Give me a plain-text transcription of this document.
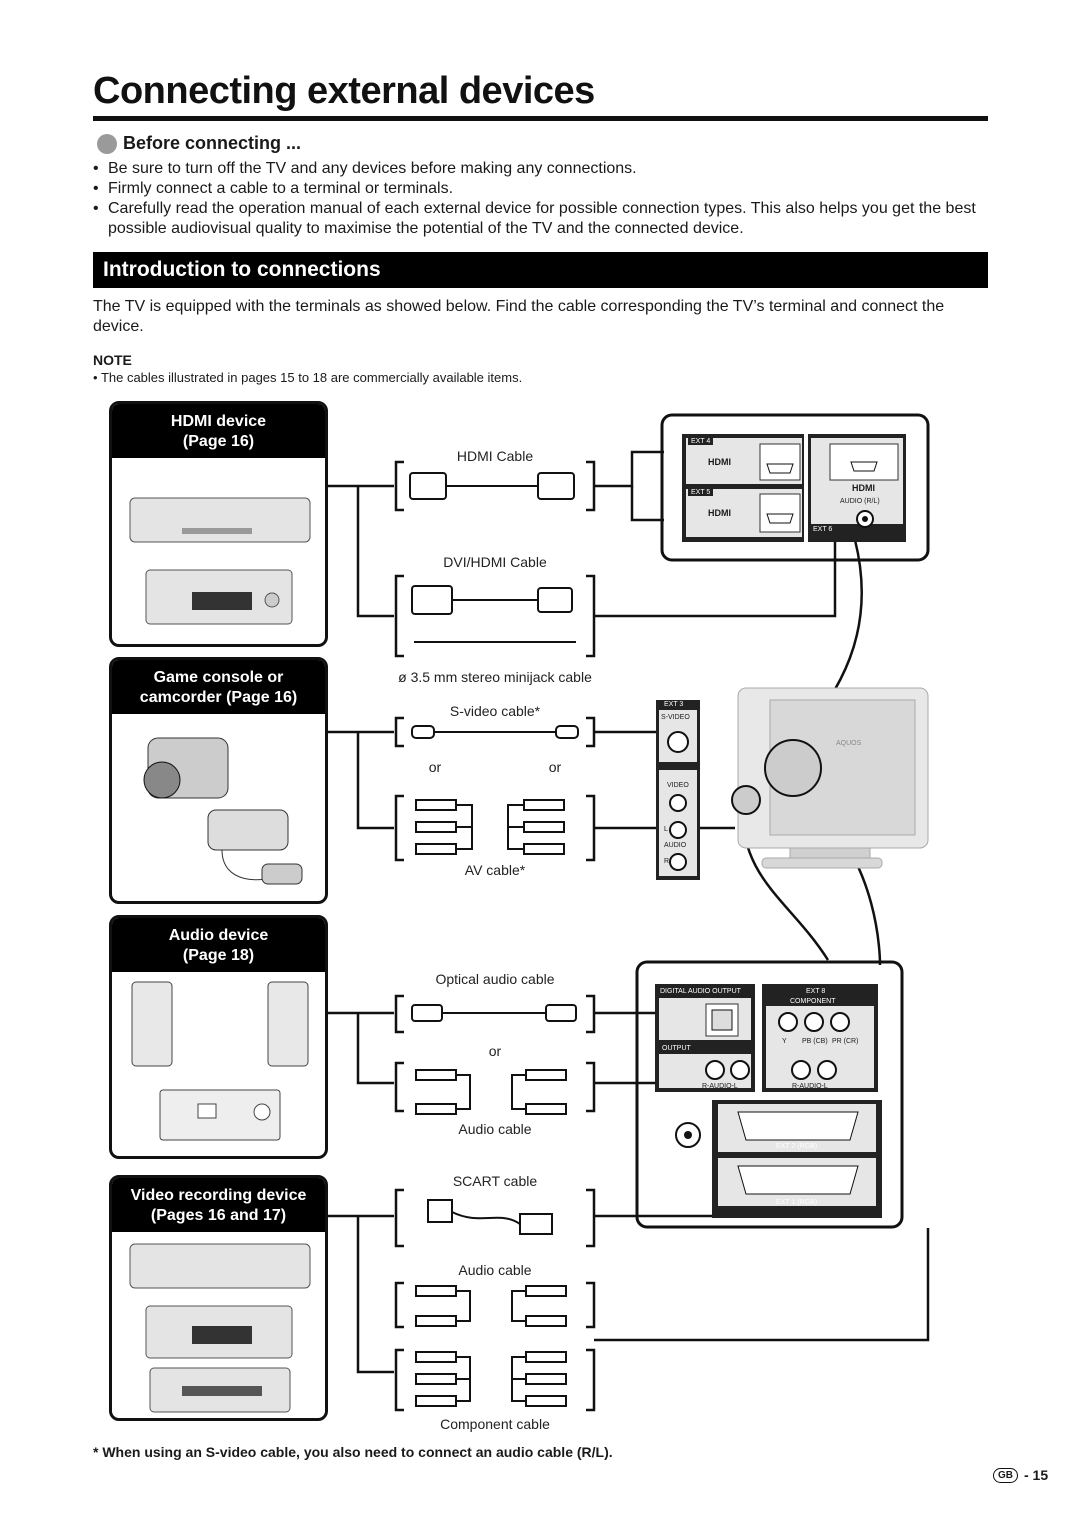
Connecting external devices
Before connecting ...
• Be sure to turn off the TV and any devices before making any connections.
• Firmly connect a cable to a terminal or terminals.
• Carefully read the operation manual of each external device for possible connection types. This also helps you get the best possible audiovisual quality to maximise the potential of the TV and the connected device.
Introduction to connections
The TV is equipped with the terminals as showed below. Find the cable corresponding the TV’s terminal and connect the device.
NOTE
• The cables illustrated in pages 15 to 18 are commercially available items.
HDMI device
(Page 16)
Game console or
camcorder (Page 16)
Audio device
(Page 18)
Video recording device
(Pages 16 and 17)
HDMI Cable
DVI/HDMI Cable
ø 3.5 mm stereo minijack cable
S-video cable*
or	or
AV cable*
Optical audio cable
or
Audio cable
SCART cable
Audio cable
Component cable
EXT 4
HDMI
EXT 5
HDMI
HDMI
AUDIO (R/L)
EXT 6
EXT 3
S-VIDEO
VIDEO
L
AUDIO
R
AQUOS
DIGITAL AUDIO OUTPUT	EXT 8
COMPONENT
Y PB (CB) PR (CR)
OUTPUT
R-AUDIO-L	R-AUDIO-L
EXT 2 (RGB)
EXT 1 (RGB)
* When using an S-video cable, you also need to connect an audio cable (R/L).
GB - 15
